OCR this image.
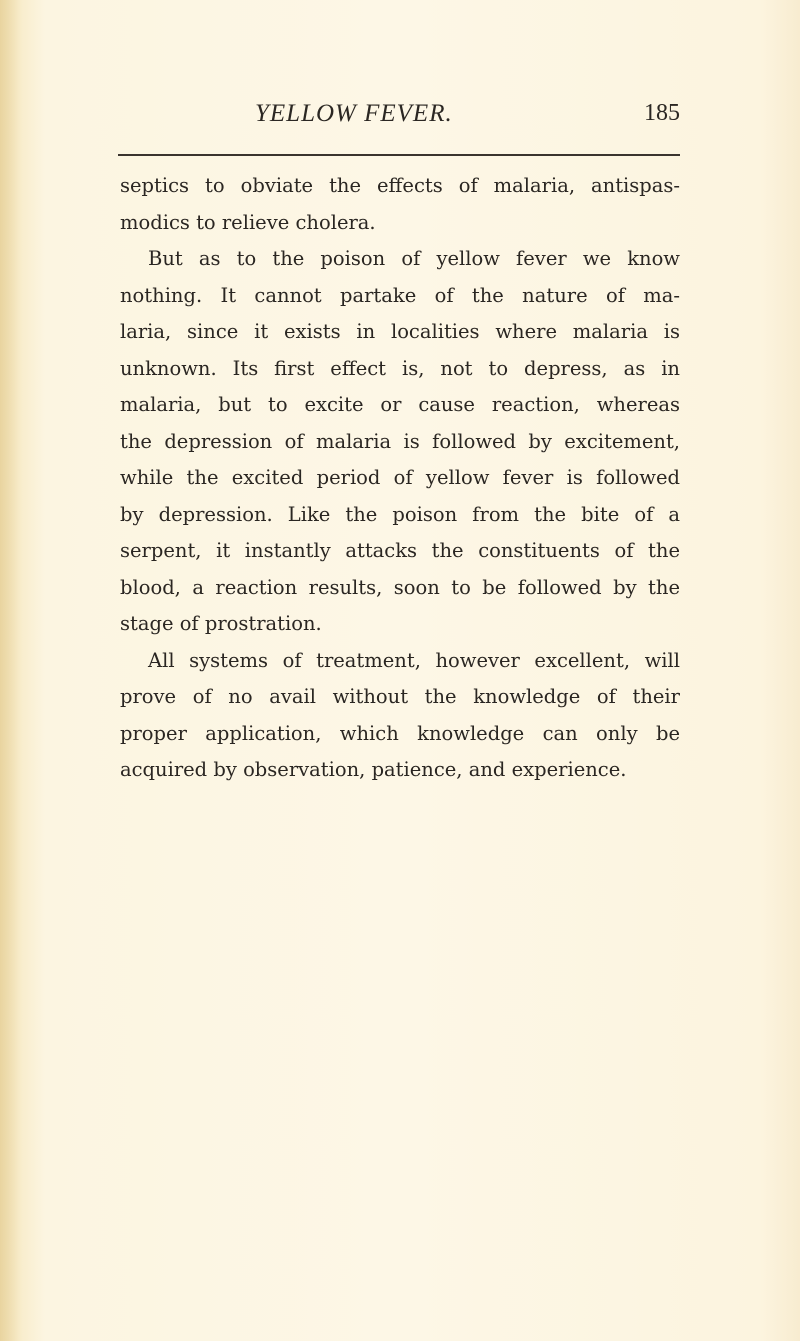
YELLOW FEVER.	185
septics to obviate the effects of malaria, antispas-
modics to relieve cholera.
But as to the poison of yellow fever we know
nothing. It cannot partake of the nature of ma-
laria, since it exists in localities where malaria is
unknown. Its first effect is, not to depress, as in
malaria, but to excite or cause reaction, whereas
the depression of malaria is followed by excitement,
while the excited period of yellow fever is followed
by depression. Like the poison from the bite of a
serpent, it instantly attacks the constituents of the
blood, a reaction results, soon to be followed by the
stage of prostration.
All systems of treatment, however excellent, will
prove of no avail without the knowledge of their
proper application, which knowledge can only be
acquired by observation, patience, and experience.
